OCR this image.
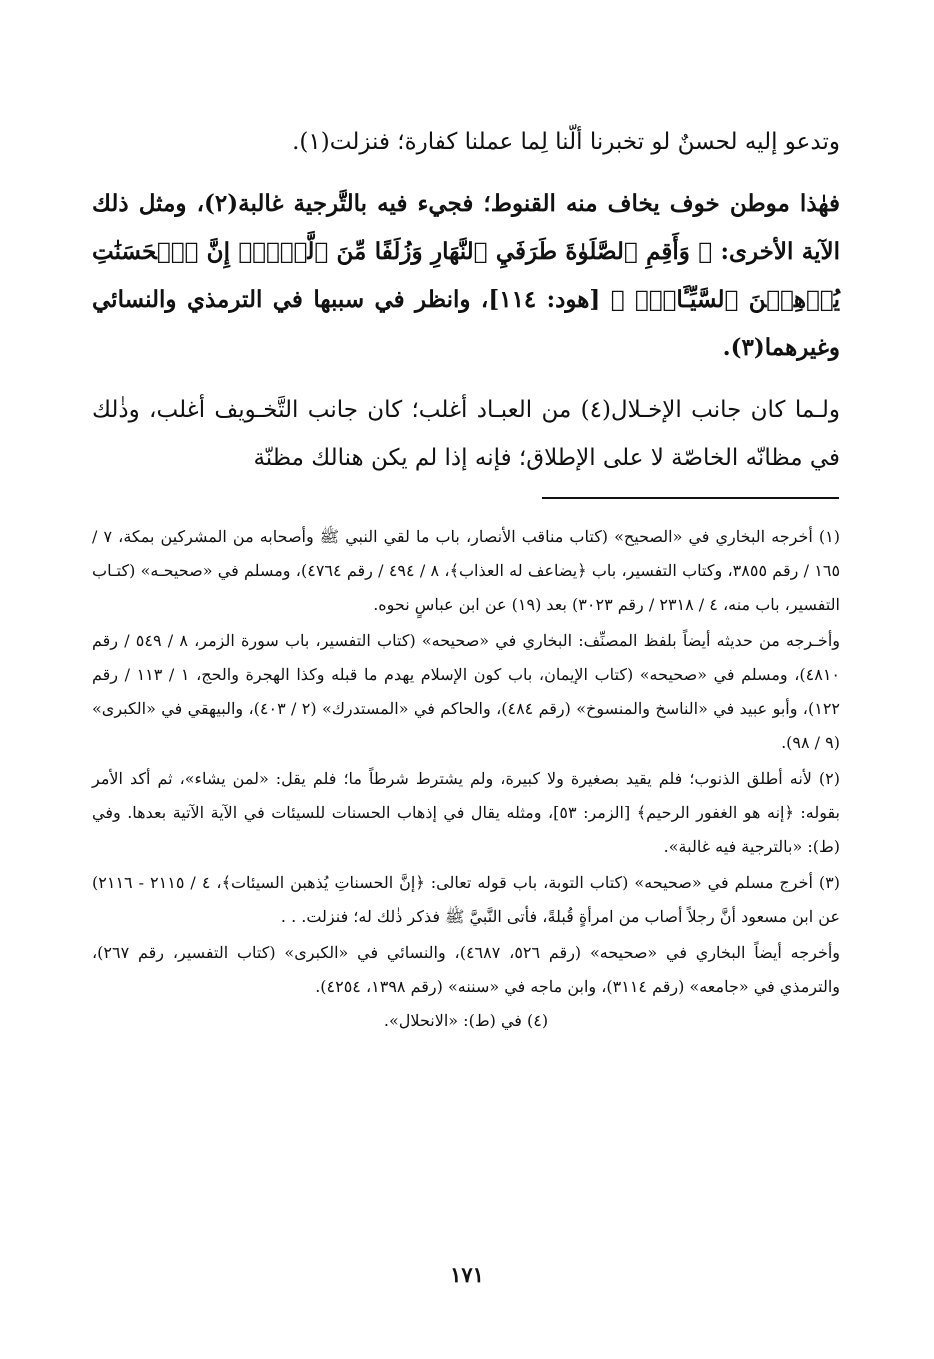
وتدعو إليه لحسنٌ لو تخبرنا ألّنا لِما عملنا كفارة؛ فنزلت(١).

فهٰذا موطن خوف يخاف منه القنوط؛ فجيء فيه بالتَّرجية غالبة(٢)، ومثل ذلك الآية الأخرى: ﴿ وَأَقِمِ ٱلصَّلَوٰةَ طَرَفَيِ ٱلنَّهَارِ وَزُلَفًا مِّنَ ٱلَّيۡلِۚ إِنَّ ٱلۡحَسَنَٰتِ يُذۡهِبۡنَ ٱلسَّيِّـَٔاتِۚ ﴾ [هود: ١١٤]، وانظر في سببها في الترمذي والنسائي وغيرهما(٣).

ولـما كان جانب الإخـلال(٤) من العبـاد أغلب؛ كان جانب التَّخـويف أغلب، وذٰلك في مظانّه الخاصّة لا على الإطلاق؛ فإنه إذا لم يكن هنالك مظنّة

(١) أخرجه البخاري في «الصحيح» (كتاب مناقب الأنصار، باب ما لقي النبي ﷺ وأصحابه من المشركين بمكة، ٧ / ١٦٥ / رقم ٣٨٥٥، وكتاب التفسير، باب ﴿يضاعف له العذاب﴾، ٨ / ٤٩٤ / رقم ٤٧٦٤)، ومسلم في «صحيحـه» (كتـاب التفسير، باب منه، ٤ / ٢٣١٨ / رقم ٣٠٢٣) بعد (١٩) عن ابن عباسٍ نحوه.

وأخـرجه من حديثه أيضاً بلفظ المصنِّف: البخاري في «صحيحه» (كتاب التفسير، باب سورة الزمر، ٨ / ٥٤٩ / رقم ٤٨١٠)، ومسلم في «صحيحه» (كتاب الإيمان، باب كون الإسلام يهدم ما قبله وكذا الهجرة والحج، ١ / ١١٣ / رقم ١٢٢)، وأبو عبيد في «الناسخ والمنسوخ» (رقم ٤٨٤)، والحاكم في «المستدرك» (٢ / ٤٠٣)، والبيهقي في «الكبرى» (٩ / ٩٨).

(٢) لأنه أطلق الذنوب؛ فلم يقيد بصغيرة ولا كبيرة، ولم يشترط شرطاً ما؛ فلم يقل: «لمن يشاء»، ثم أكد الأمر بقوله: ﴿إنه هو الغفور الرحيم﴾ [الزمر: ٥٣]، ومثله يقال في إذهاب الحسنات للسيئات في الآية الآتية بعدها. وفي (ط): «بالترجية فيه غالبة».

(٣) أخرج مسلم في «صحيحه» (كتاب التوبة، باب قوله تعالى: ﴿إنَّ الحسناتِ يُذهبن السيئات﴾، ٤ / ٢١١٥ - ٢١١٦) عن ابن مسعود أنَّ رجلاً أصاب من امرأةٍ قُبلةً، فأتى النَّبيَّ ﷺ فذكر ذٰلك له؛ فنزلت. . .

وأخرجه أيضاً البخاري في «صحيحه» (رقم ٥٢٦، ٤٦٨٧)، والنسائي في «الكبرى» (كتاب التفسير، رقم ٢٦٧)، والترمذي في «جامعه» (رقم ٣١١٤)، وابن ماجه في «سننه» (رقم ١٣٩٨، ٤٢٥٤).

(٤) في (ط): «الانحلال».

١٧١
